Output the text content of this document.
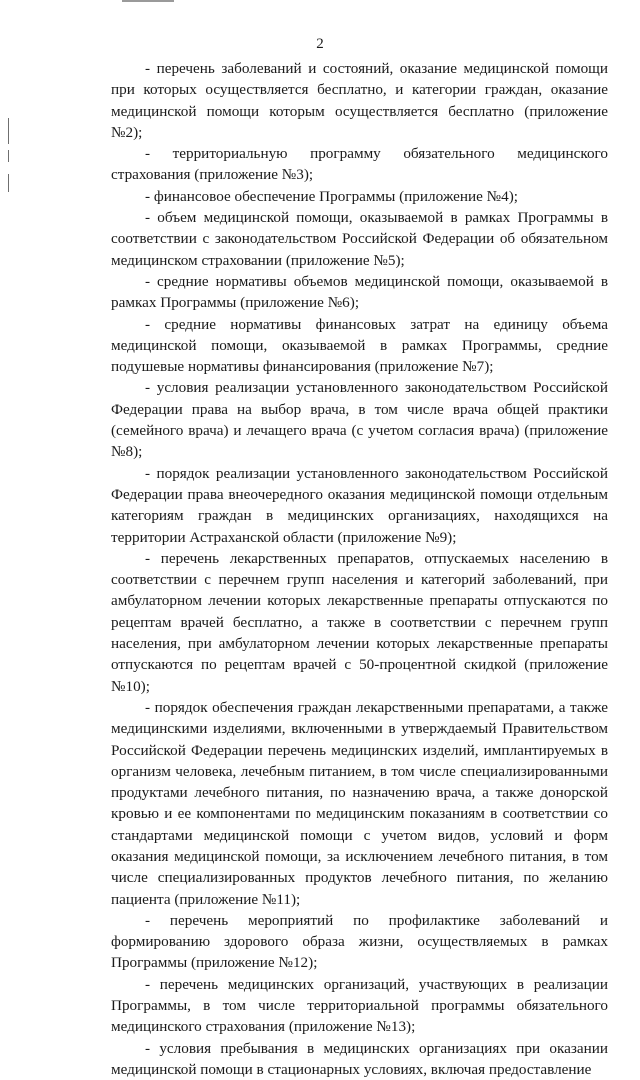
2

- перечень заболеваний и состояний, оказание медицинской помощи при которых осуществляется бесплатно, и категории граждан, оказание медицинской помощи которым осуществляется бесплатно (приложение №2);

- территориальную программу обязательного медицинского страхования (приложение №3);

- финансовое обеспечение Программы (приложение №4);

- объем медицинской помощи, оказываемой в рамках Программы в соответствии с законодательством Российской Федерации об обязательном медицинском страховании (приложение №5);

- средние нормативы объемов медицинской помощи, оказываемой в рамках Программы (приложение №6);

- средние нормативы финансовых затрат на единицу объема медицинской помощи, оказываемой в рамках Программы, средние подушевые нормативы финансирования (приложение №7);

- условия реализации установленного законодательством Российской Федерации права на выбор врача, в том числе врача общей практики (семейного врача) и лечащего врача (с учетом согласия врача) (приложение №8);

- порядок реализации установленного законодательством Российской Федерации права внеочередного оказания медицинской помощи отдельным категориям граждан в медицинских организациях, находящихся на территории Астраханской области (приложение №9);

- перечень лекарственных препаратов, отпускаемых населению в соответствии с перечнем групп населения и категорий заболеваний, при амбулаторном лечении которых лекарственные препараты отпускаются по рецептам врачей бесплатно, а также в соответствии с перечнем групп населения, при амбулаторном лечении которых лекарственные препараты отпускаются по рецептам врачей с 50-процентной скидкой (приложение №10);

- порядок обеспечения граждан лекарственными препаратами, а также медицинскими изделиями, включенными в утверждаемый Правительством Российской Федерации перечень медицинских изделий, имплантируемых в организм человека, лечебным питанием, в том числе специализированными продуктами лечебного питания, по назначению врача, а также донорской кровью и ее компонентами по медицинским показаниям в соответствии со стандартами медицинской помощи с учетом видов, условий и форм оказания медицинской помощи, за исключением лечебного питания, в том числе специализированных продуктов лечебного питания, по желанию пациента (приложение №11);

- перечень мероприятий по профилактике заболеваний и формированию здорового образа жизни, осуществляемых в рамках Программы (приложение №12);

- перечень медицинских организаций, участвующих в реализации Программы, в том числе территориальной программы обязательного медицинского страхования (приложение №13);

- условия пребывания в медицинских организациях при оказании медицинской помощи в стационарных условиях, включая предоставление
